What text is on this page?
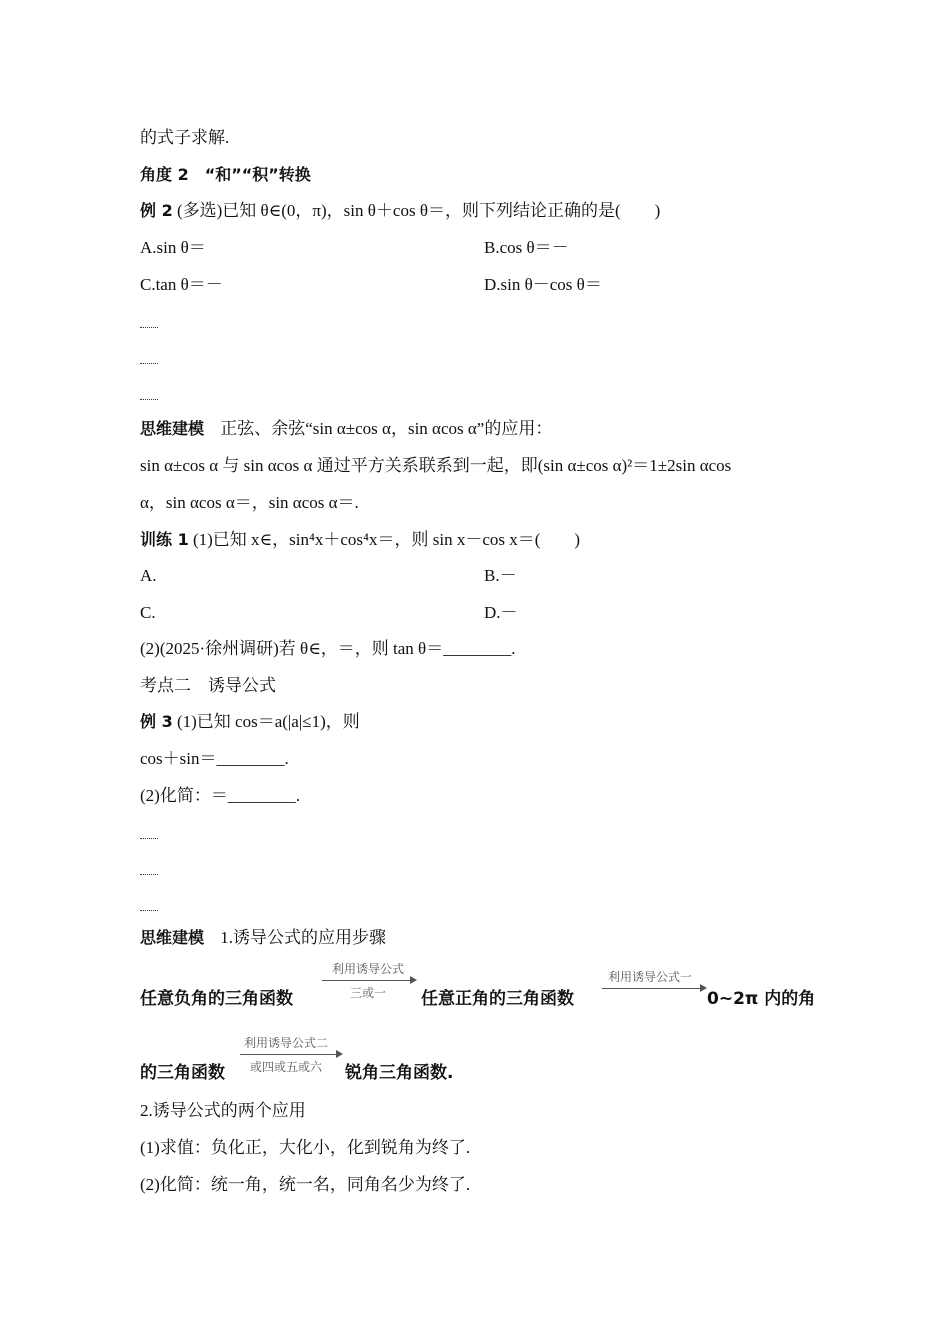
的式子求解.
角度 2　“和”“积”转换
例 2 (多选)已知 θ∈(0，π)，sin θ＋cos θ＝，则下列结论正确的是(　　)
A.sin θ＝	B.cos θ＝－
C.tan θ＝－	D.sin θ－cos θ＝
思维建模 正弦、余弦“sin α±cos α，sin αcos α”的应用：
sin α±cos α 与 sin αcos α 通过平方关系联系到一起，即(sin α±cos α)²＝1±2sin αcos
α，sin αcos α＝，sin αcos α＝.
训练 1 (1)已知 x∈，sin⁴x＋cos⁴x＝，则 sin x－cos x＝(　　)
A.	B.－
C.	D.－
(2)(2025·徐州调研)若 θ∈，＝，则 tan θ＝________.
考点二　诱导公式
例 3 (1)已知 cos＝a(|a|≤1)，则
cos＋sin＝________.
(2)化简：＝________.
思维建模 1.诱导公式的应用步骤
任意负角的三角函数
利用诱导公式
三或一 任意正角的三角函数
利用诱导公式一
0~2π 内的角
的三角函数
利用诱导公式二
或四或五或六 锐角三角函数.
2.诱导公式的两个应用
(1)求值：负化正，大化小，化到锐角为终了.
(2)化简：统一角，统一名，同角名少为终了.
